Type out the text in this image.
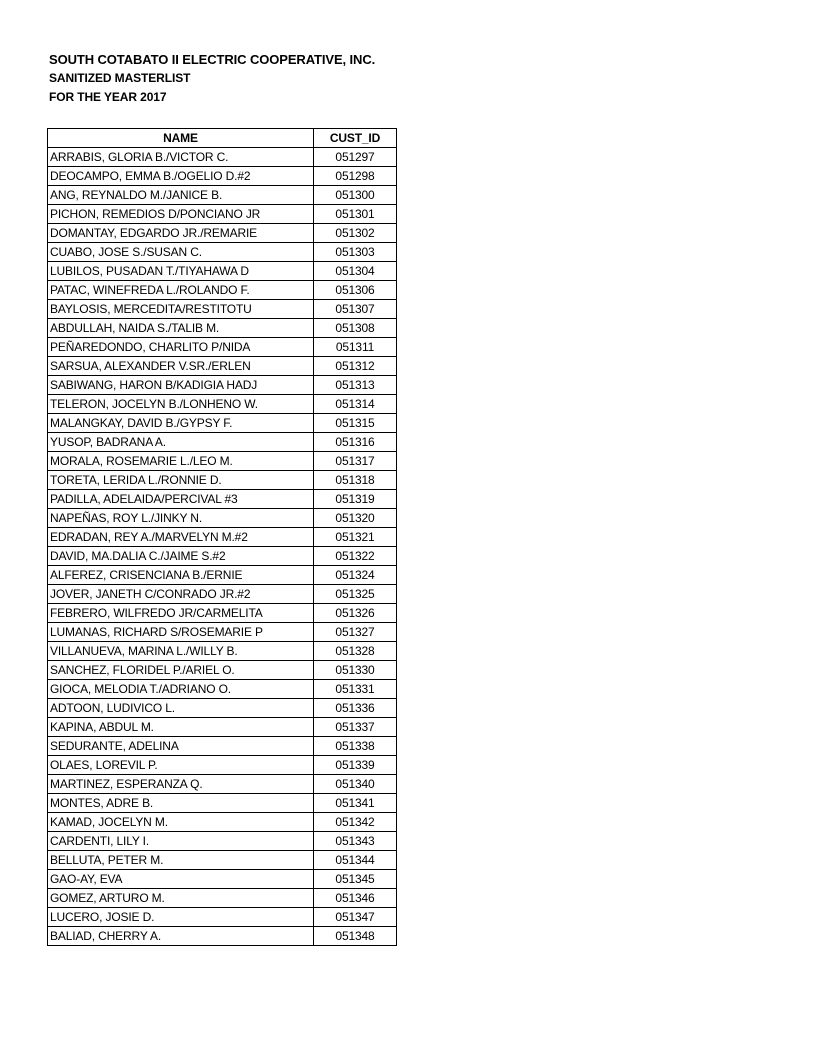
SOUTH COTABATO II ELECTRIC COOPERATIVE, INC.
SANITIZED MASTERLIST
FOR THE YEAR 2017
NAME	CUST_ID
ARRABIS, GLORIA B./VICTOR C.	051297
DEOCAMPO, EMMA B./OGELIO D.#2	051298
ANG, REYNALDO M./JANICE B.	051300
PICHON, REMEDIOS D/PONCIANO JR	051301
DOMANTAY, EDGARDO JR./REMARIE	051302
CUABO, JOSE S./SUSAN C.	051303
LUBILOS, PUSADAN T./TIYAHAWA D	051304
PATAC, WINEFREDA L./ROLANDO F.	051306
BAYLOSIS, MERCEDITA/RESTITOTU	051307
ABDULLAH, NAIDA S./TALIB M.	051308
PEÑAREDONDO, CHARLITO P/NIDA	051311
SARSUA, ALEXANDER V.SR./ERLEN	051312
SABIWANG, HARON B/KADIGIA HADJ	051313
TELERON, JOCELYN B./LONHENO W.	051314
MALANGKAY, DAVID B./GYPSY F.	051315
YUSOP, BADRANA A.	051316
MORALA, ROSEMARIE L./LEO M.	051317
TORETA, LERIDA L./RONNIE D.	051318
PADILLA, ADELAIDA/PERCIVAL #3	051319
NAPEÑAS, ROY L./JINKY N.	051320
EDRADAN, REY A./MARVELYN M.#2	051321
DAVID, MA.DALIA C./JAIME S.#2	051322
ALFEREZ, CRISENCIANA B./ERNIE	051324
JOVER, JANETH C/CONRADO JR.#2	051325
FEBRERO, WILFREDO JR/CARMELITA	051326
LUMANAS, RICHARD S/ROSEMARIE P	051327
VILLANUEVA, MARINA L./WILLY B.	051328
SANCHEZ, FLORIDEL P./ARIEL O.	051330
GIOCA, MELODIA T./ADRIANO O.	051331
ADTOON, LUDIVICO L.	051336
KAPINA, ABDUL M.	051337
SEDURANTE, ADELINA	051338
OLAES, LOREVIL P.	051339
MARTINEZ, ESPERANZA Q.	051340
MONTES, ADRE B.	051341
KAMAD, JOCELYN M.	051342
CARDENTI, LILY I.	051343
BELLUTA, PETER M.	051344
GAO-AY, EVA	051345
GOMEZ, ARTURO M.	051346
LUCERO, JOSIE D.	051347
BALIAD, CHERRY A.	051348
